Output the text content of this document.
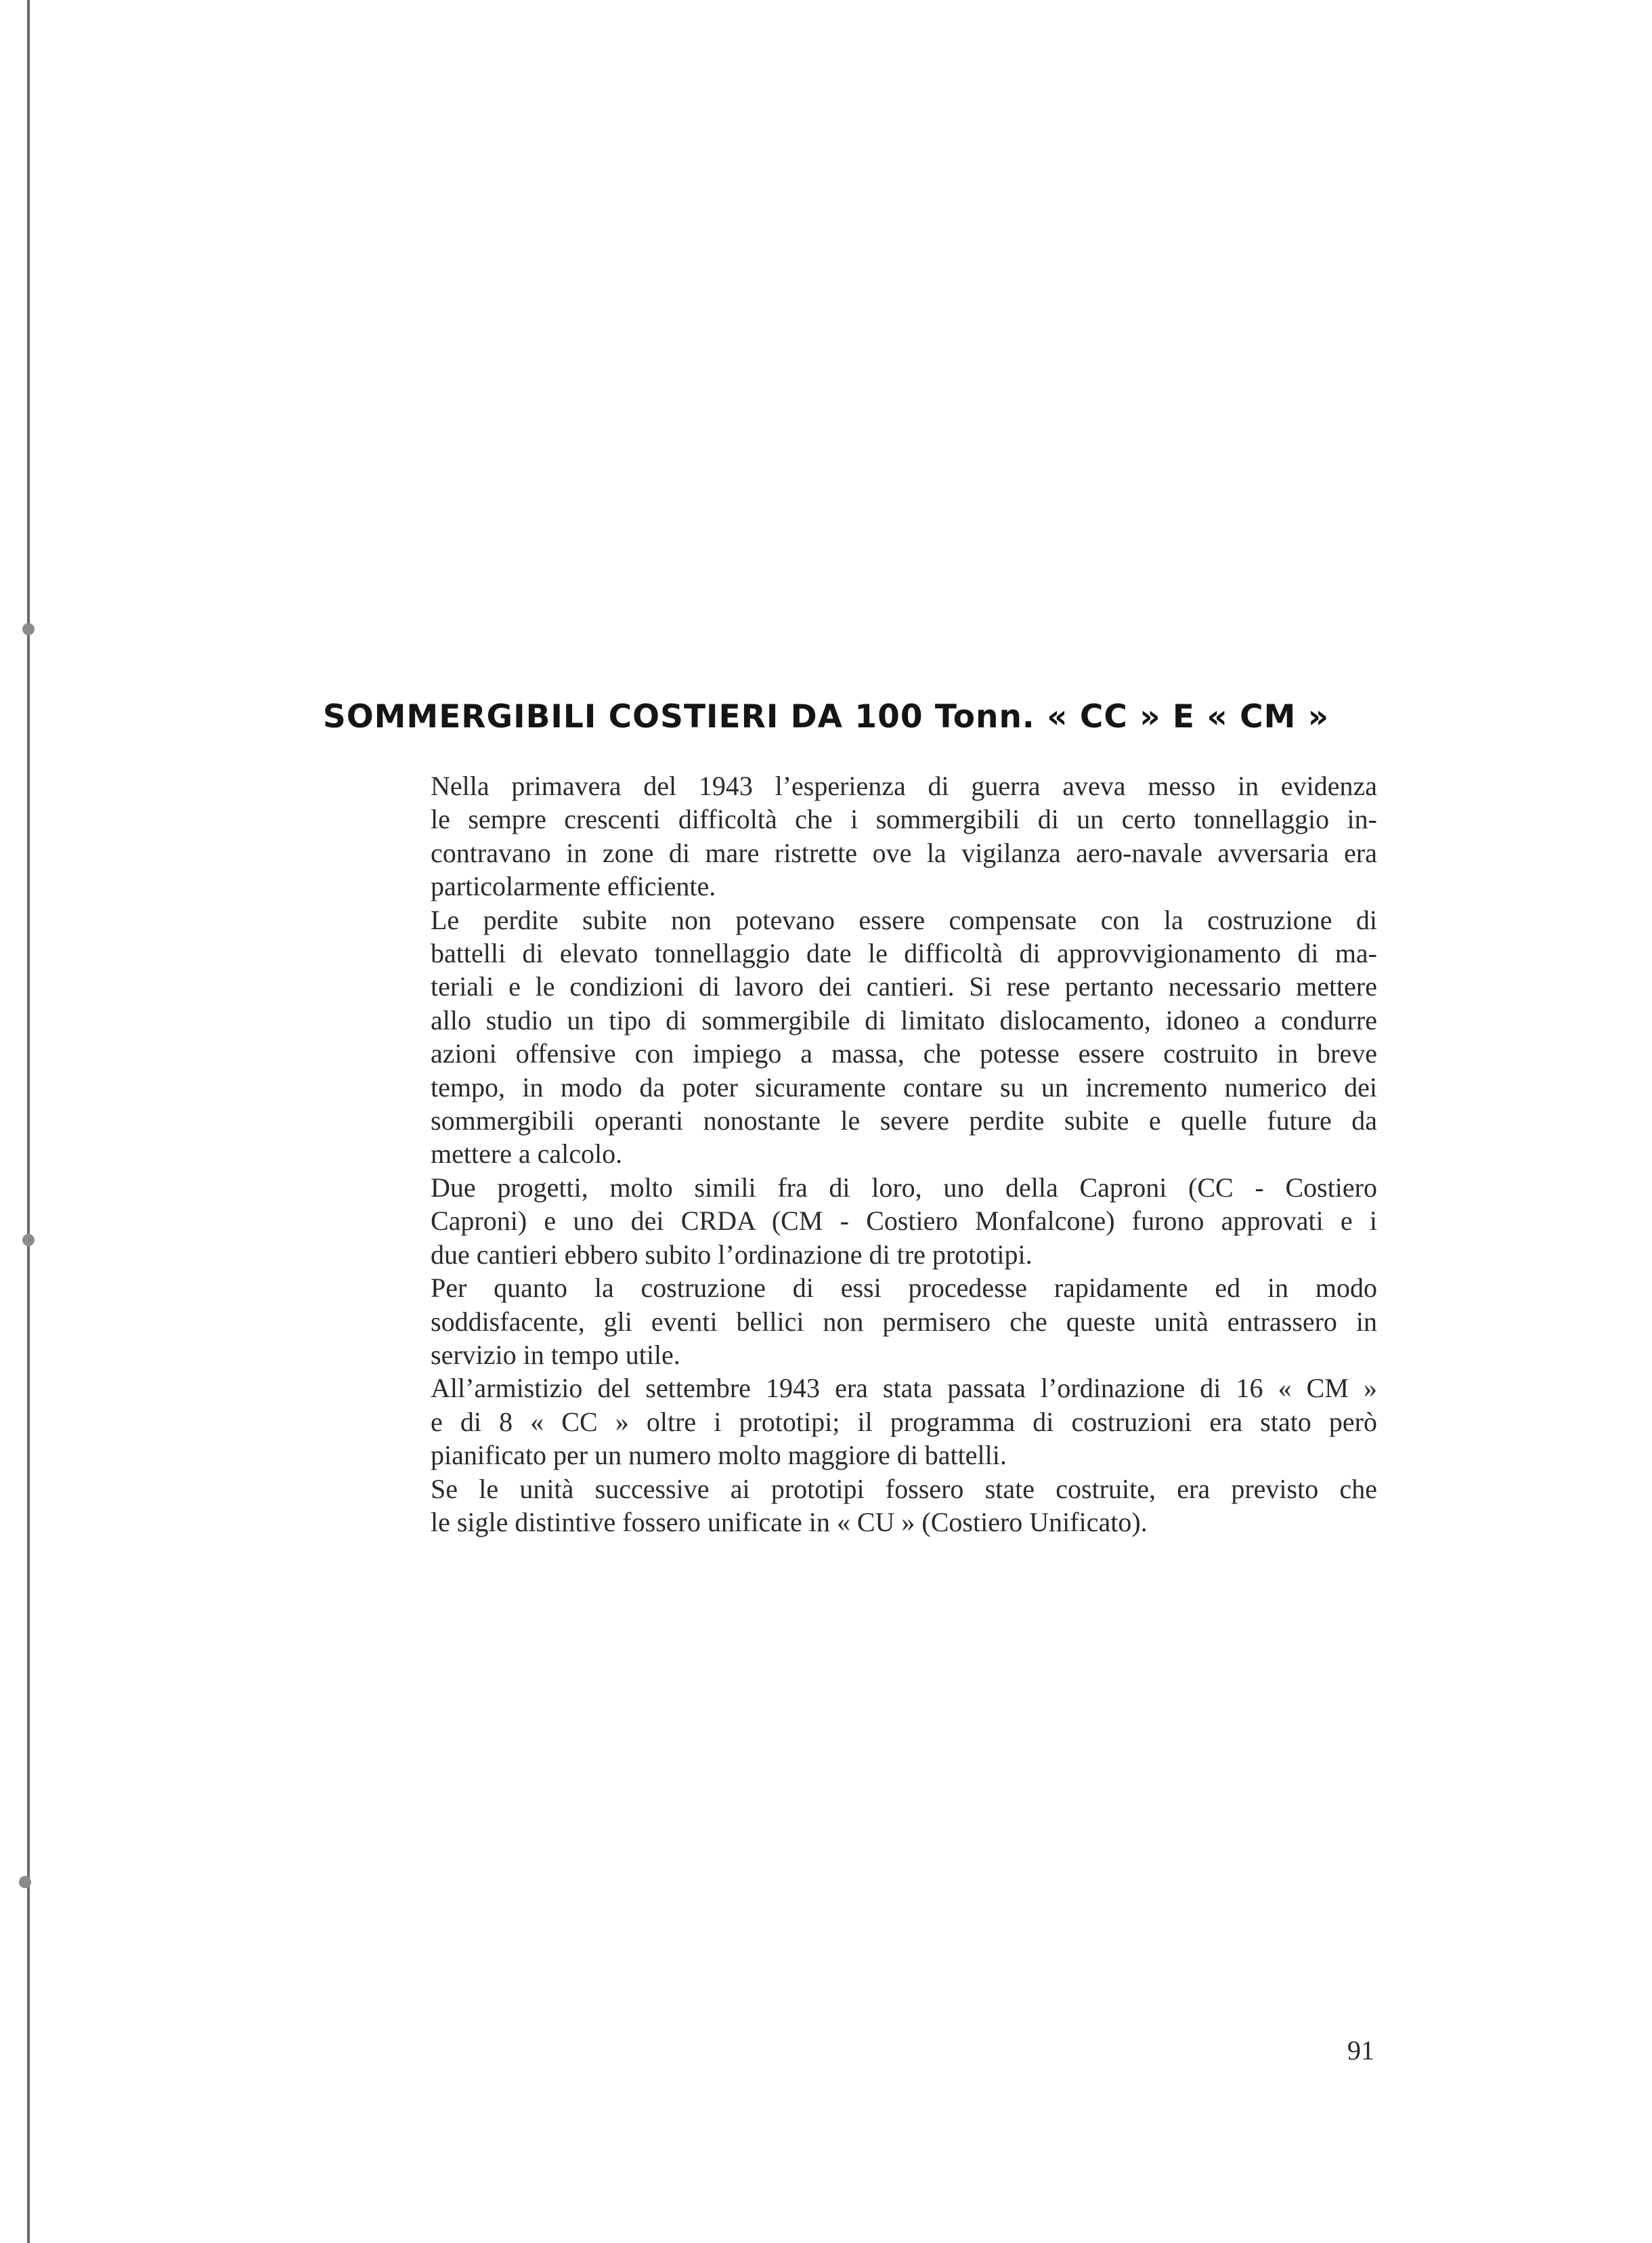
SOMMERGIBILI COSTIERI DA 100 Tonn. « CC » E « CM »

Nella primavera del 1943 l’esperienza di guerra aveva messo in evidenza
le sempre crescenti difficoltà che i sommergibili di un certo tonnellaggio in-
contravano in zone di mare ristrette ove la vigilanza aero-navale avversaria era
particolarmente efficiente.

Le perdite subite non potevano essere compensate con la costruzione di
battelli di elevato tonnellaggio date le difficoltà di approvvigionamento di ma-
teriali e le condizioni di lavoro dei cantieri. Si rese pertanto necessario mettere
allo studio un tipo di sommergibile di limitato dislocamento, idoneo a condurre
azioni offensive con impiego a massa, che potesse essere costruito in breve
tempo, in modo da poter sicuramente contare su un incremento numerico dei
sommergibili operanti nonostante le severe perdite subite e quelle future da
mettere a calcolo.

Due progetti, molto simili fra di loro, uno della Caproni (CC - Costiero
Caproni) e uno dei CRDA (CM - Costiero Monfalcone) furono approvati e i
due cantieri ebbero subito l’ordinazione di tre prototipi.

Per quanto la costruzione di essi procedesse rapidamente ed in modo
soddisfacente, gli eventi bellici non permisero che queste unità entrassero in
servizio in tempo utile.

All’armistizio del settembre 1943 era stata passata l’ordinazione di 16 « CM »
e di 8 « CC » oltre i prototipi; il programma di costruzioni era stato però
pianificato per un numero molto maggiore di battelli.

Se le unità successive ai prototipi fossero state costruite, era previsto che
le sigle distintive fossero unificate in « CU » (Costiero Unificato).

91
